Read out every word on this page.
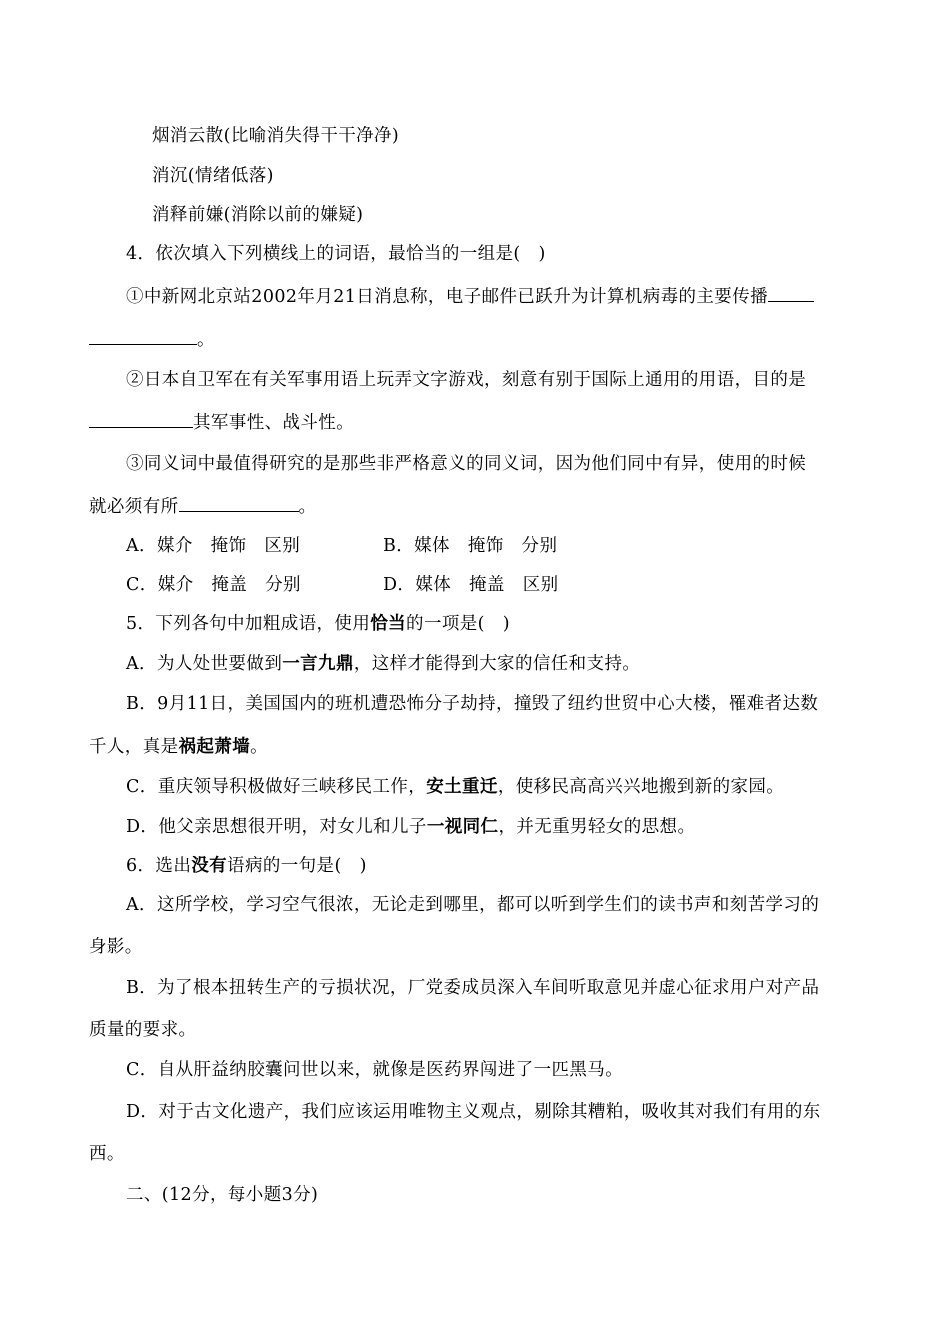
烟消云散(比喻消失得干干净净)
消沉(情绪低落)
消释前嫌(消除以前的嫌疑)
4．依次填入下列横线上的词语，最恰当的一组是(　)
①中新网北京站2002年月21日消息称，电子邮件已跃升为计算机病毒的主要传播
。
②日本自卫军在有关军事用语上玩弄文字游戏，刻意有别于国际上通用的用语，目的是
其军事性、战斗性。
③同义词中最值得研究的是那些非严格意义的同义词，因为他们同中有异，使用的时候
就必须有所	。
A．媒介　掩饰　区别	B．媒体　掩饰　分别
C．媒介　掩盖　分别	D．媒体　掩盖　区别
5．下列各句中加粗成语，使用恰当的一项是(　)
A．为人处世要做到一言九鼎，这样才能得到大家的信任和支持。
B．9月11日，美国国内的班机遭恐怖分子劫持，撞毁了纽约世贸中心大楼，罹难者达数
千人，真是祸起萧墙。
C．重庆领导积极做好三峡移民工作，安土重迁，使移民高高兴兴地搬到新的家园。
D．他父亲思想很开明，对女儿和儿子一视同仁，并无重男轻女的思想。
6．选出没有语病的一句是(　)
A．这所学校，学习空气很浓，无论走到哪里，都可以听到学生们的读书声和刻苦学习的
身影。
B．为了根本扭转生产的亏损状况，厂党委成员深入车间听取意见并虚心征求用户对产品
质量的要求。
C．自从肝益纳胶囊问世以来，就像是医药界闯进了一匹黑马。
D．对于古文化遗产，我们应该运用唯物主义观点，剔除其糟粕，吸收其对我们有用的东
西。
二、(12分，每小题3分)
